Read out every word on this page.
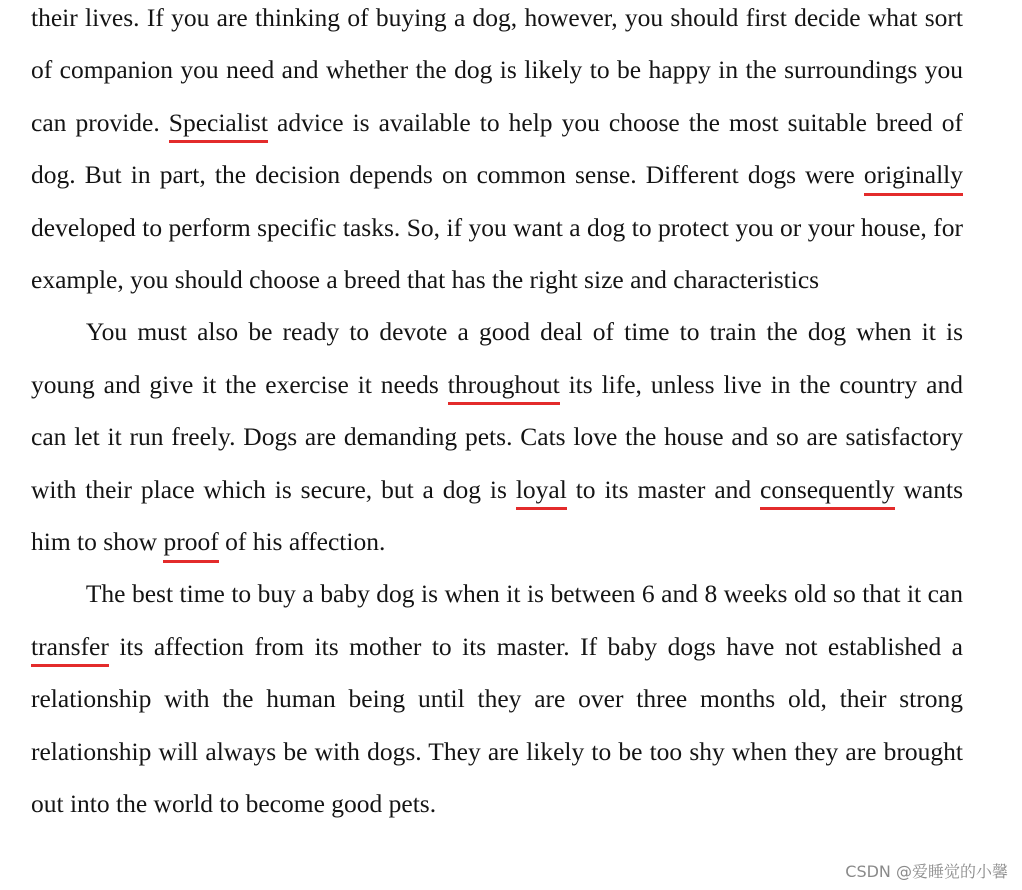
their lives. If you are thinking of buying a dog, however, you should first decide what sort of companion you need and whether the dog is likely to be happy in the surroundings you can provide. Specialist advice is available to help you choose the most suitable breed of dog. But in part, the decision depends on common sense. Different dogs were originally developed to perform specific tasks. So, if you want a dog to protect you or your house, for example, you should choose a breed that has the right size and characteristics

You must also be ready to devote a good deal of time to train the dog when it is young and give it the exercise it needs throughout its life, unless live in the country and can let it run freely. Dogs are demanding pets. Cats love the house and so are satisfactory with their place which is secure, but a dog is loyal to its master and consequently wants him to show proof of his affection.

The best time to buy a baby dog is when it is between 6 and 8 weeks old so that it can transfer its affection from its mother to its master. If baby dogs have not established a relationship with the human being until they are over three months old, their strong relationship will always be with dogs. They are likely to be too shy when they are brought out into the world to become good pets.

CSDN @爱睡觉的小馨
